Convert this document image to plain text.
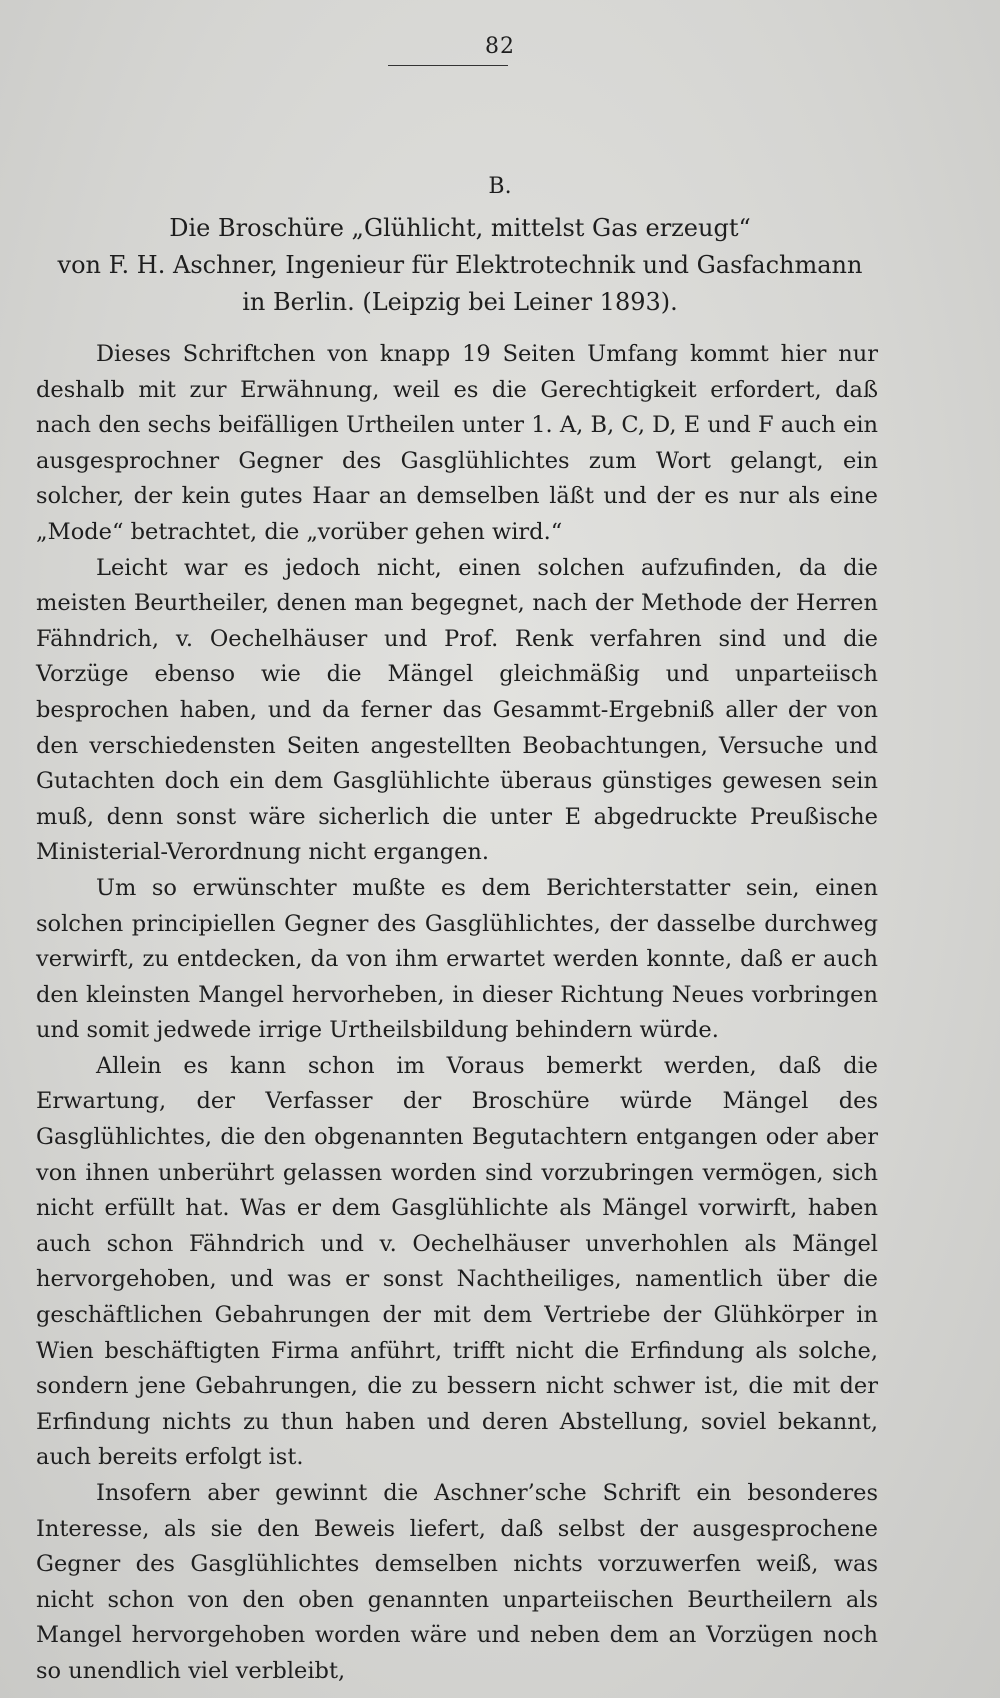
82
B.
Die Broschüre „Glühlicht, mittelst Gas erzeugt“
von F. H. Aschner, Ingenieur für Elektrotechnik und Gasfachmann
in Berlin. (Leipzig bei Leiner 1893).

Dieses Schriftchen von knapp 19 Seiten Umfang kommt hier nur deshalb mit zur Erwähnung, weil es die Gerechtigkeit erfordert, daß nach den sechs beifälligen Urtheilen unter 1. A, B, C, D, E und F auch ein ausgesprochner Gegner des Gasglühlichtes zum Wort gelangt, ein solcher, der kein gutes Haar an demselben läßt und der es nur als eine „Mode“ betrachtet, die „vorüber gehen wird.“

Leicht war es jedoch nicht, einen solchen aufzufinden, da die meisten Beurtheiler, denen man begegnet, nach der Methode der Herren Fähndrich, v. Oechelhäuser und Prof. Renk verfahren sind und die Vorzüge ebenso wie die Mängel gleichmäßig und unparteiisch besprochen haben, und da ferner das Gesammt-Ergebniß aller der von den verschiedensten Seiten angestellten Beobachtungen, Versuche und Gutachten doch ein dem Gasglühlichte überaus günstiges gewesen sein muß, denn sonst wäre sicherlich die unter E abgedruckte Preußische Ministerial-Verordnung nicht ergangen.

Um so erwünschter mußte es dem Berichterstatter sein, einen solchen principiellen Gegner des Gasglühlichtes, der dasselbe durchweg verwirft, zu entdecken, da von ihm erwartet werden konnte, daß er auch den kleinsten Mangel hervorheben, in dieser Richtung Neues vorbringen und somit jedwede irrige Urtheilsbildung behindern würde.

Allein es kann schon im Voraus bemerkt werden, daß die Erwartung, der Verfasser der Broschüre würde Mängel des Gasglühlichtes, die den obgenannten Begutachtern entgangen oder aber von ihnen unberührt gelassen worden sind vorzubringen vermögen, sich nicht erfüllt hat. Was er dem Gasglühlichte als Mängel vorwirft, haben auch schon Fähndrich und v. Oechelhäuser unverhohlen als Mängel hervorgehoben, und was er sonst Nachtheiliges, namentlich über die geschäftlichen Gebahrungen der mit dem Vertriebe der Glühkörper in Wien beschäftigten Firma anführt, trifft nicht die Erfindung als solche, sondern jene Gebahrungen, die zu bessern nicht schwer ist, die mit der Erfindung nichts zu thun haben und deren Abstellung, soviel bekannt, auch bereits erfolgt ist.

Insofern aber gewinnt die Aschner’sche Schrift ein besonderes Interesse, als sie den Beweis liefert, daß selbst der ausgesprochene Gegner des Gasglühlichtes demselben nichts vorzuwerfen weiß, was nicht schon von den oben genannten unparteiischen Beurtheilern als Mangel hervorgehoben worden wäre und neben dem an Vorzügen noch so unendlich viel verbleibt,
